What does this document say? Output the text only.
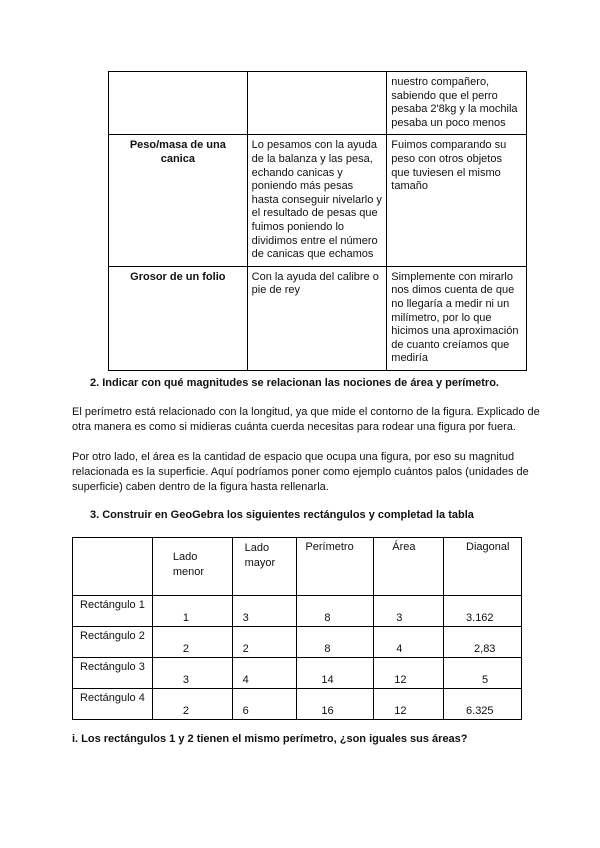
		nuestro compañero, sabiendo que el perro pesaba 2'8kg y la mochila pesaba un poco menos
Peso/masa de una canica	Lo pesamos con la ayuda de la balanza y las pesa, echando canicas y poniendo más pesas hasta conseguir nivelarlo y el resultado de pesas que fuimos poniendo lo dividimos entre el número de canicas que echamos	Fuimos comparando su peso con otros objetos que tuviesen el mismo tamaño
Grosor de un folio	Con la ayuda del calibre o pie de rey	Simplemente con mirarlo nos dimos cuenta de que no llegaría a medir ni un milímetro, por lo que hicimos una aproximación de cuanto creíamos que mediría
2. Indicar con qué magnitudes se relacionan las nociones de área y perímetro.
El perímetro está relacionado con la longitud, ya que mide el contorno de la figura. Explicado de otra manera es como si midieras cuánta cuerda necesitas para rodear una figura por fuera.
Por otro lado, el área es la cantidad de espacio que ocupa una figura, por eso su magnitud relacionada es la superficie. Aquí podríamos poner como ejemplo cuántos palos (unidades de superficie) caben dentro de la figura hasta rellenarla.
3. Construir en GeoGebra los siguientes rectángulos y completad la tabla
	Lado menor	Lado mayor	Perímetro	Área	Diagonal
Rectángulo 1	1	3	8	3	3.162
Rectángulo 2	2	2	8	4	2,83
Rectángulo 3	3	4	14	12	5
Rectángulo 4	2	6	16	12	6.325
i. Los rectángulos 1 y 2 tienen el mismo perímetro, ¿son iguales sus áreas?
